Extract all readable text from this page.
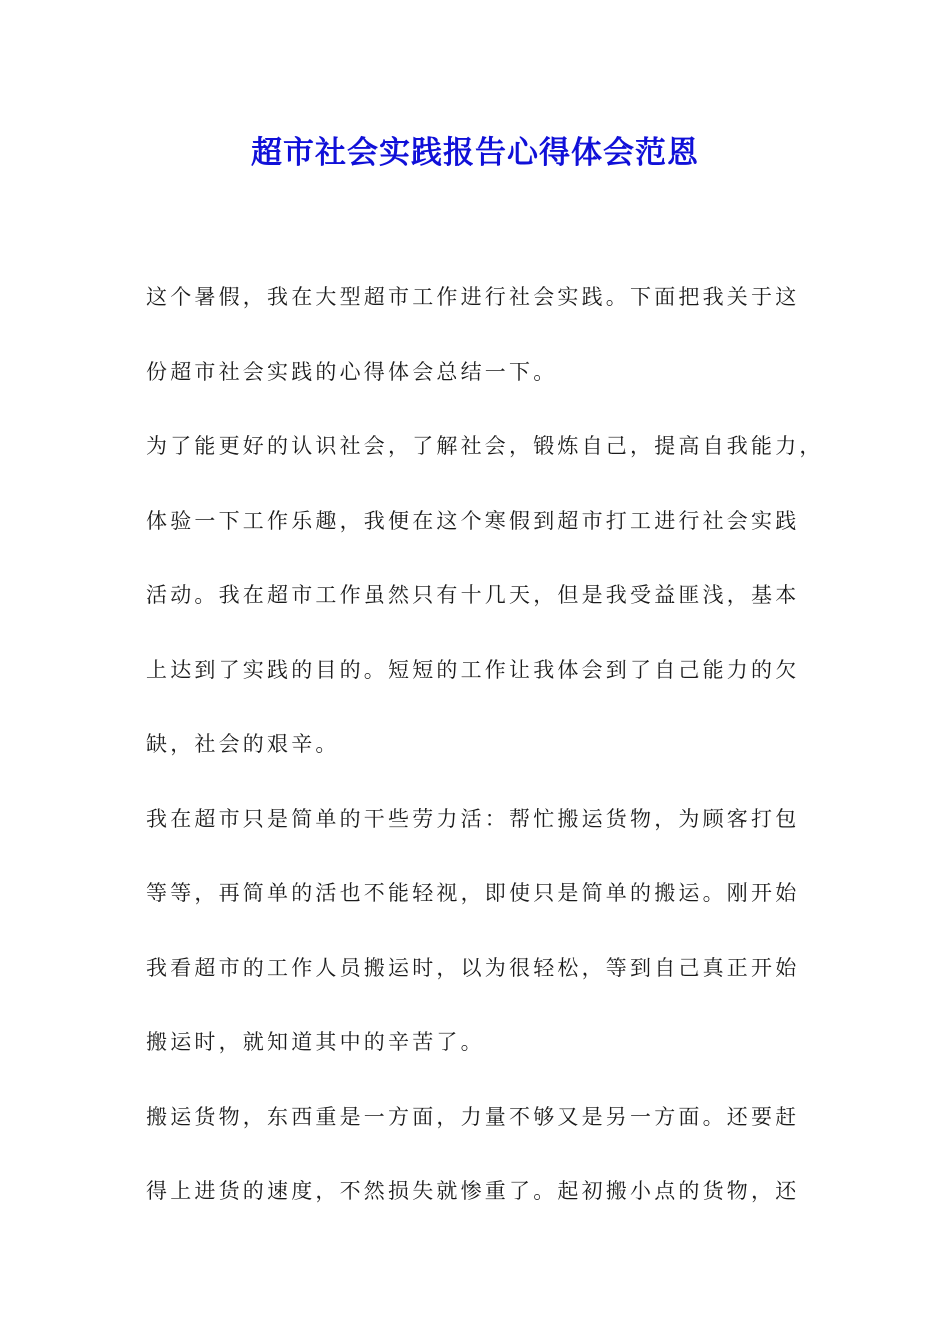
超市社会实践报告心得体会范恩

这个暑假，我在大型超市工作进行社会实践。下面把我关于这
份超市社会实践的心得体会总结一下。

为了能更好的认识社会，了解社会，锻炼自己，提高自我能力，
体验一下工作乐趣，我便在这个寒假到超市打工进行社会实践
活动。我在超市工作虽然只有十几天，但是我受益匪浅，基本
上达到了实践的目的。短短的工作让我体会到了自己能力的欠
缺，社会的艰辛。

我在超市只是简单的干些劳力活：帮忙搬运货物，为顾客打包
等等，再简单的活也不能轻视，即使只是简单的搬运。刚开始
我看超市的工作人员搬运时，以为很轻松，等到自己真正开始
搬运时，就知道其中的辛苦了。

搬运货物，东西重是一方面，力量不够又是另一方面。还要赶
得上进货的速度，不然损失就惨重了。起初搬小点的货物，还
